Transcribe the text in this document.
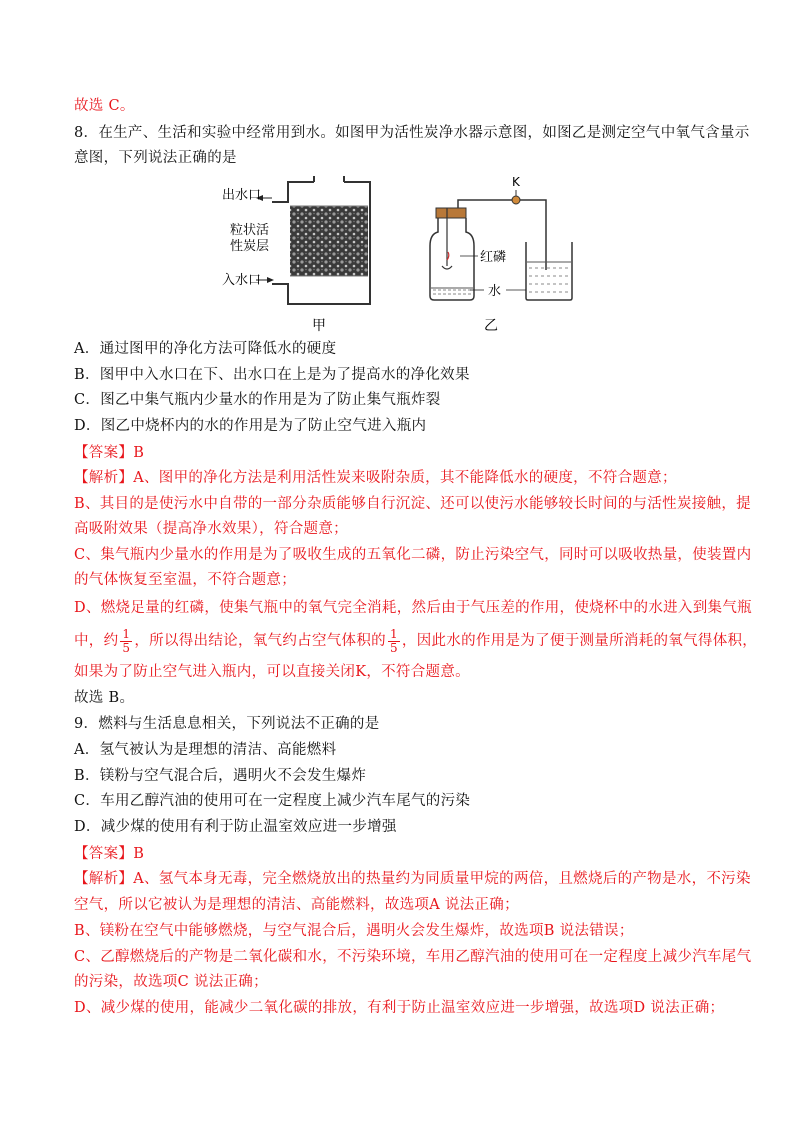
故选 C。
8．在生产、生活和实验中经常用到水。如图甲为活性炭净水器示意图，如图乙是测定空气中氧气含量示
意图，下列说法正确的是
出水口
粒状活
性炭层
入水口
甲
K
红磷
水
乙
A．通过图甲的净化方法可降低水的硬度
B．图甲中入水口在下、出水口在上是为了提高水的净化效果
C．图乙中集气瓶内少量水的作用是为了防止集气瓶炸裂
D．图乙中烧杯内的水的作用是为了防止空气进入瓶内
【答案】B
【解析】A、图甲的净化方法是利用活性炭来吸附杂质，其不能降低水的硬度，不符合题意；
B、其目的是使污水中自带的一部分杂质能够自行沉淀、还可以使污水能够较长时间的与活性炭接触，提
高吸附效果（提高净水效果），符合题意；
C、集气瓶内少量水的作用是为了吸收生成的五氧化二磷，防止污染空气，同时可以吸收热量，使装置内
的气体恢复至室温，不符合题意；
D、燃烧足量的红磷，使集气瓶中的氧气完全消耗，然后由于气压差的作用，使烧杯中的水进入到集气瓶
中，约 $\frac{1}{5}$ ，所以得出结论，氧气约占空气体积的 $\frac{1}{5}$ ，因此水的作用是为了便于测量所消耗的氧气得体积，
如果为了防止空气进入瓶内，可以直接关闭K，不符合题意。
故选 B。
9．燃料与生活息息相关，下列说法不正确的是
A．氢气被认为是理想的清洁、高能燃料
B．镁粉与空气混合后，遇明火不会发生爆炸
C．车用乙醇汽油的使用可在一定程度上减少汽车尾气的污染
D．减少煤的使用有利于防止温室效应进一步增强
【答案】B
【解析】A、氢气本身无毒，完全燃烧放出的热量约为同质量甲烷的两倍，且燃烧后的产物是水，不污染
空气，所以它被认为是理想的清洁、高能燃料，故选项A 说法正确；
B、镁粉在空气中能够燃烧，与空气混合后，遇明火会发生爆炸，故选项B 说法错误；
C、乙醇燃烧后的产物是二氧化碳和水，不污染环境，车用乙醇汽油的使用可在一定程度上减少汽车尾气
的污染，故选项C 说法正确；
D、减少煤的使用，能减少二氧化碳的排放，有利于防止温室效应进一步增强，故选项D 说法正确；
